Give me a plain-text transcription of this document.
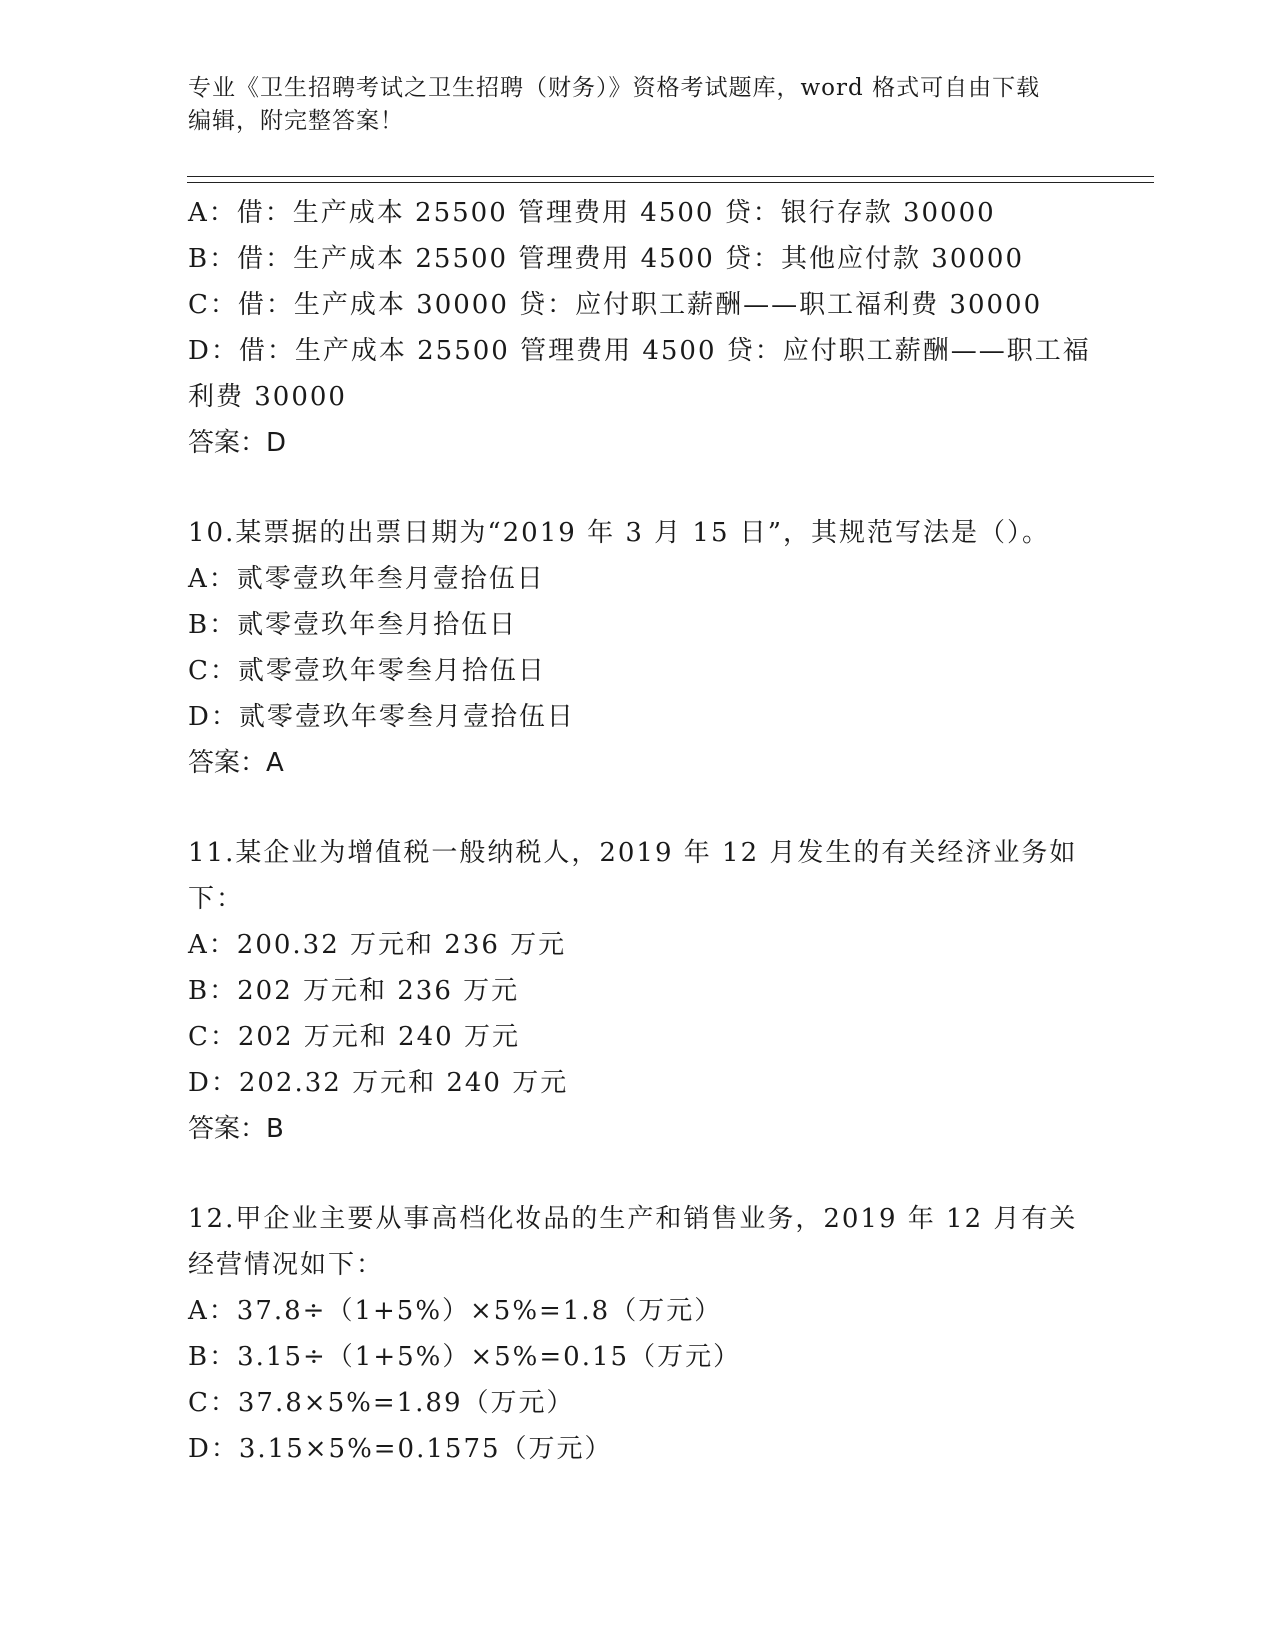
专业《卫生招聘考试之卫生招聘（财务）》资格考试题库，word 格式可自由下载
编辑，附完整答案！
A：借：生产成本 25500 管理费用 4500 贷：银行存款 30000
B：借：生产成本 25500 管理费用 4500 贷：其他应付款 30000
C：借：生产成本 30000 贷：应付职工薪酬——职工福利费 30000
D：借：生产成本 25500 管理费用 4500 贷：应付职工薪酬——职工福
利费 30000
答案：D
10.某票据的出票日期为“2019 年 3 月 15 日”，其规范写法是（）。
A：贰零壹玖年叁月壹拾伍日
B：贰零壹玖年叁月拾伍日
C：贰零壹玖年零叁月拾伍日
D：贰零壹玖年零叁月壹拾伍日
答案：A
11.某企业为增值税一般纳税人，2019 年 12 月发生的有关经济业务如
下：
A：200.32 万元和 236 万元
B：202 万元和 236 万元
C：202 万元和 240 万元
D：202.32 万元和 240 万元
答案：B
12.甲企业主要从事高档化妆品的生产和销售业务，2019 年 12 月有关
经营情况如下：
A：37.8÷（1+5%）×5%=1.8（万元）
B：3.15÷（1+5%）×5%=0.15（万元）
C：37.8×5%=1.89（万元）
D：3.15×5%=0.1575（万元）
